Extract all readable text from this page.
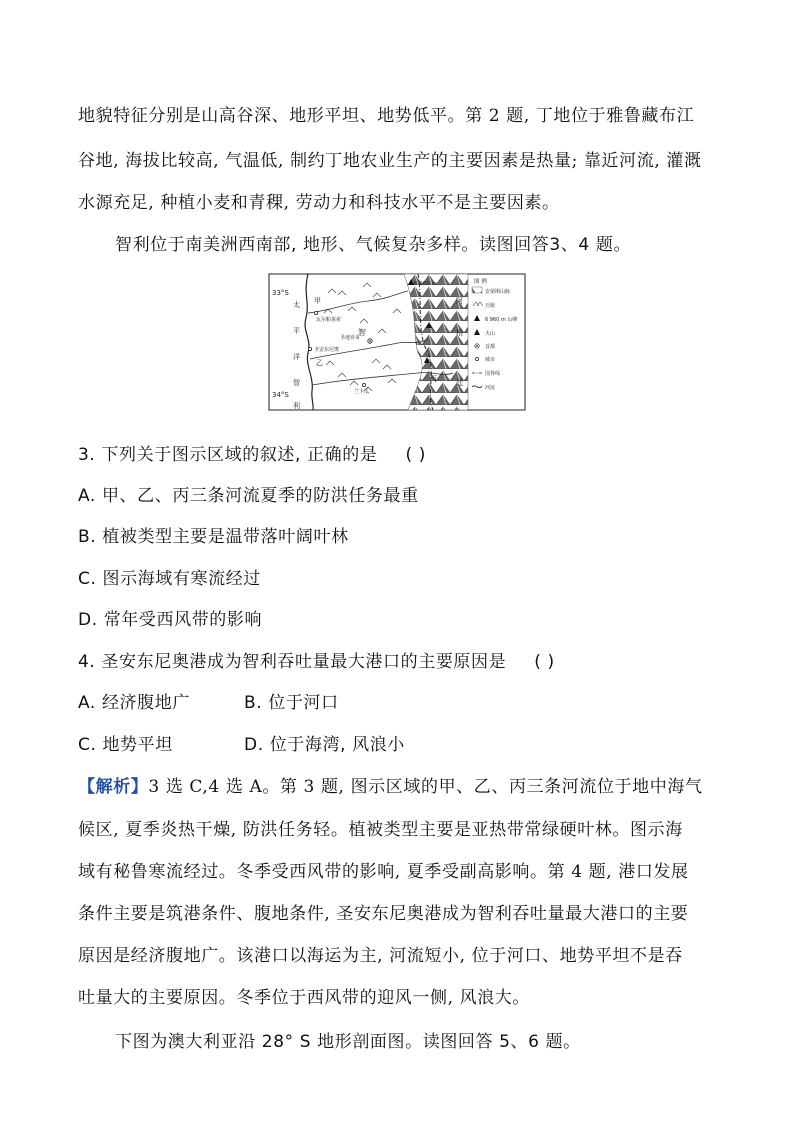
地貌特征分别是山高谷深、地形平坦、地势低平。第 2 题, 丁地位于雅鲁藏布江
谷地, 海拔比较高, 气温低, 制约丁地农业生产的主要因素是热量; 靠近河流, 灌溉
水源充足, 种植小麦和青稞, 劳动力和科技水平不是主要因素。
智利位于南美洲西南部, 地形、气候复杂多样。读图回答3、4 题。
33°S
34°S
太
平
洋
智
利
智
甲
乙
丙
瓦尔帕莱索
圣安东尼奥
圣地亚哥
兰卡瓜
6 960 m
阿
根
廷
图 例
安第斯山脉
丘陵
6 960 m 山峰
火山
首都
城市
国界线
河流
3. 下列关于图示区域的叙述, 正确的是 ( )
A. 甲、乙、丙三条河流夏季的防洪任务最重
B. 植被类型主要是温带落叶阔叶林
C. 图示海域有寒流经过
D. 常年受西风带的影响
4. 圣安东尼奥港成为智利吞吐量最大港口的主要原因是 ( )
A. 经济腹地广	B. 位于河口
C. 地势平坦	D. 位于海湾, 风浪小
【解析】3 选 C,4 选 A。第 3 题, 图示区域的甲、乙、丙三条河流位于地中海气
候区, 夏季炎热干燥, 防洪任务轻。植被类型主要是亚热带常绿硬叶林。图示海
域有秘鲁寒流经过。冬季受西风带的影响, 夏季受副高影响。第 4 题, 港口发展
条件主要是筑港条件、腹地条件, 圣安东尼奥港成为智利吞吐量最大港口的主要
原因是经济腹地广。该港口以海运为主, 河流短小, 位于河口、地势平坦不是吞
吐量大的主要原因。冬季位于西风带的迎风一侧, 风浪大。
下图为澳大利亚沿 28° S 地形剖面图。读图回答 5、6 题。
